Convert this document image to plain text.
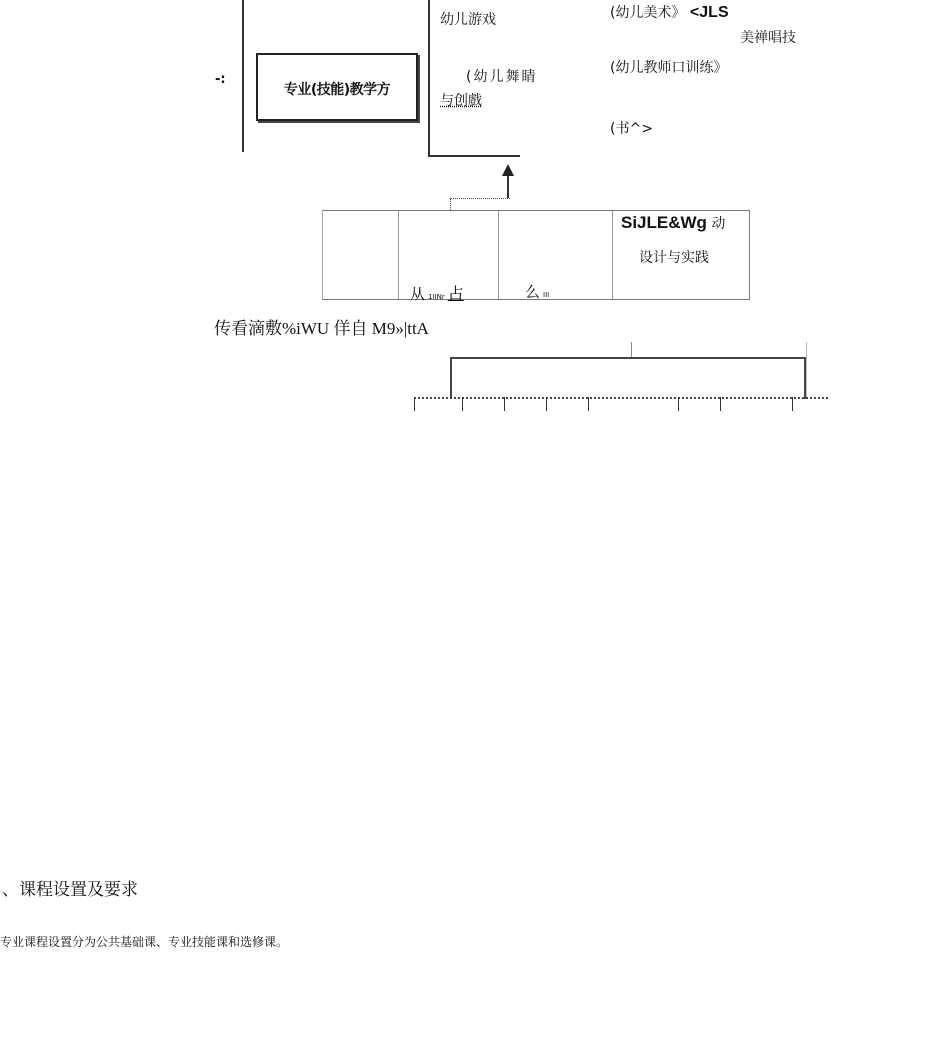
-:
专业(技能)教学方
幼儿游戏
(幼儿舞睛
与创戲
(幼儿美术》 <JLS
美禅唱技
(幼儿教师口训练》
(书^>
从 1IINr 占	么III
SiJLE&Wg 动
设计与实践
传看滴敷%iWU 佯自 M9»|ttA
、课程设置及要求
专业课程设置分为公共基础课、专业技能课和选修课。
